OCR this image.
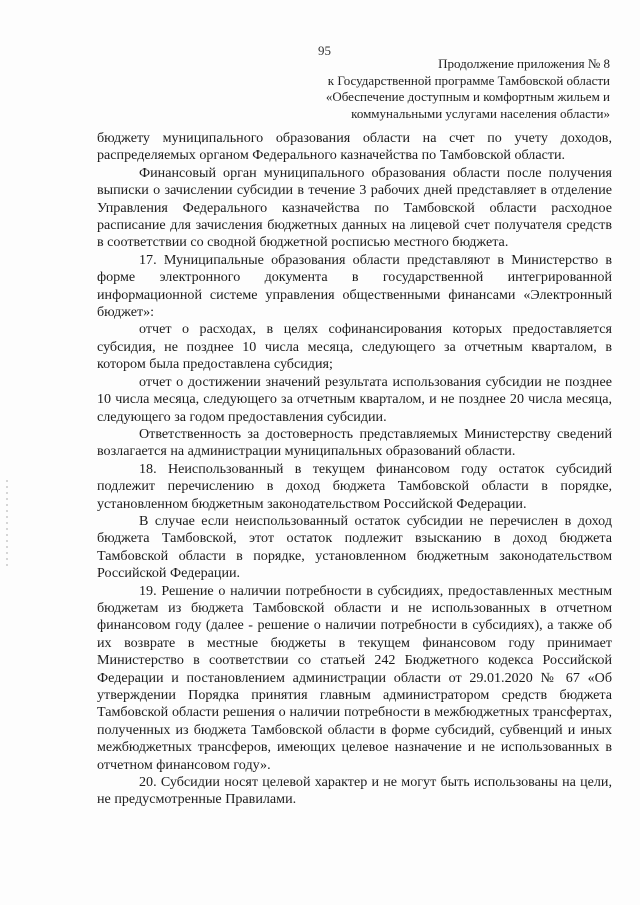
95
Продолжение приложения № 8
к Государственной программе Тамбовской области
«Обеспечение доступным и комфортным жильем и
коммунальными услугами населения области»

бюджету муниципального образования области на счет по учету доходов, распределяемых органом Федерального казначейства по Тамбовской области.

Финансовый орган муниципального образования области после получения выписки о зачислении субсидии в течение 3 рабочих дней представляет в отделение Управления Федерального казначейства по Тамбовской области расходное расписание для зачисления бюджетных данных на лицевой счет получателя средств в соответствии со сводной бюджетной росписью местного бюджета.

17. Муниципальные образования области представляют в Министерство в форме электронного документа в государственной интегрированной информационной системе управления общественными финансами «Электронный бюджет»:

отчет о расходах, в целях софинансирования которых предоставляется субсидия, не позднее 10 числа месяца, следующего за отчетным кварталом, в котором была предоставлена субсидия;

отчет о достижении значений результата использования субсидии не позднее 10 числа месяца, следующего за отчетным кварталом, и не позднее 20 числа месяца, следующего за годом предоставления субсидии.

Ответственность за достоверность представляемых Министерству сведений возлагается на администрации муниципальных образований области.

18. Неиспользованный в текущем финансовом году остаток субсидий подлежит перечислению в доход бюджета Тамбовской области в порядке, установленном бюджетным законодательством Российской Федерации.

В случае если неиспользованный остаток субсидии не перечислен в доход бюджета Тамбовской, этот остаток подлежит взысканию в доход бюджета Тамбовской области в порядке, установленном бюджетным законодательством Российской Федерации.

19. Решение о наличии потребности в субсидиях, предоставленных местным бюджетам из бюджета Тамбовской области и не использованных в отчетном финансовом году (далее - решение о наличии потребности в субсидиях), а также об их возврате в местные бюджеты в текущем финансовом году принимает Министерство в соответствии со статьей 242 Бюджетного кодекса Российской Федерации и постановлением администрации области от 29.01.2020 № 67 «Об утверждении Порядка принятия главным администратором средств бюджета Тамбовской области решения о наличии потребности в межбюджетных трансфертах, полученных из бюджета Тамбовской области в форме субсидий, субвенций и иных межбюджетных трансферов, имеющих целевое назначение и не использованных в отчетном финансовом году».

20. Субсидии носят целевой характер и не могут быть использованы на цели, не предусмотренные Правилами.
